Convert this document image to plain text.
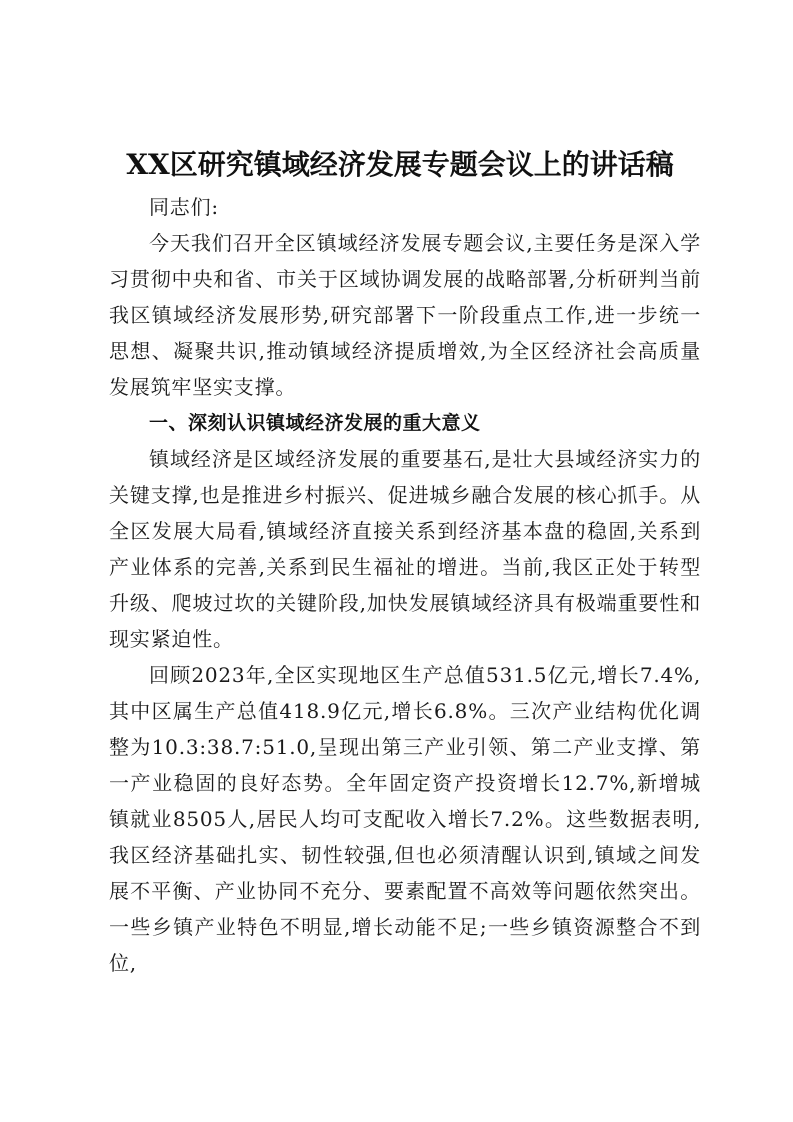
XX区研究镇域经济发展专题会议上的讲话稿

同志们:

今天我们召开全区镇域经济发展专题会议,主要任务是深入学习贯彻中央和省、市关于区域协调发展的战略部署,分析研判当前我区镇域经济发展形势,研究部署下一阶段重点工作,进一步统一思想、凝聚共识,推动镇域经济提质增效,为全区经济社会高质量发展筑牢坚实支撑。

一、深刻认识镇域经济发展的重大意义

镇域经济是区域经济发展的重要基石,是壮大县域经济实力的关键支撑,也是推进乡村振兴、促进城乡融合发展的核心抓手。从全区发展大局看,镇域经济直接关系到经济基本盘的稳固,关系到产业体系的完善,关系到民生福祉的增进。当前,我区正处于转型升级、爬坡过坎的关键阶段,加快发展镇域经济具有极端重要性和现实紧迫性。

回顾2023年,全区实现地区生产总值531.5亿元,增长7.4%,其中区属生产总值418.9亿元,增长6.8%。三次产业结构优化调整为10.3:38.7:51.0,呈现出第三产业引领、第二产业支撑、第一产业稳固的良好态势。全年固定资产投资增长12.7%,新增城镇就业8505人,居民人均可支配收入增长7.2%。这些数据表明,我区经济基础扎实、韧性较强,但也必须清醒认识到,镇域之间发展不平衡、产业协同不充分、要素配置不高效等问题依然突出。一些乡镇产业特色不明显,增长动能不足;一些乡镇资源整合不到位,
